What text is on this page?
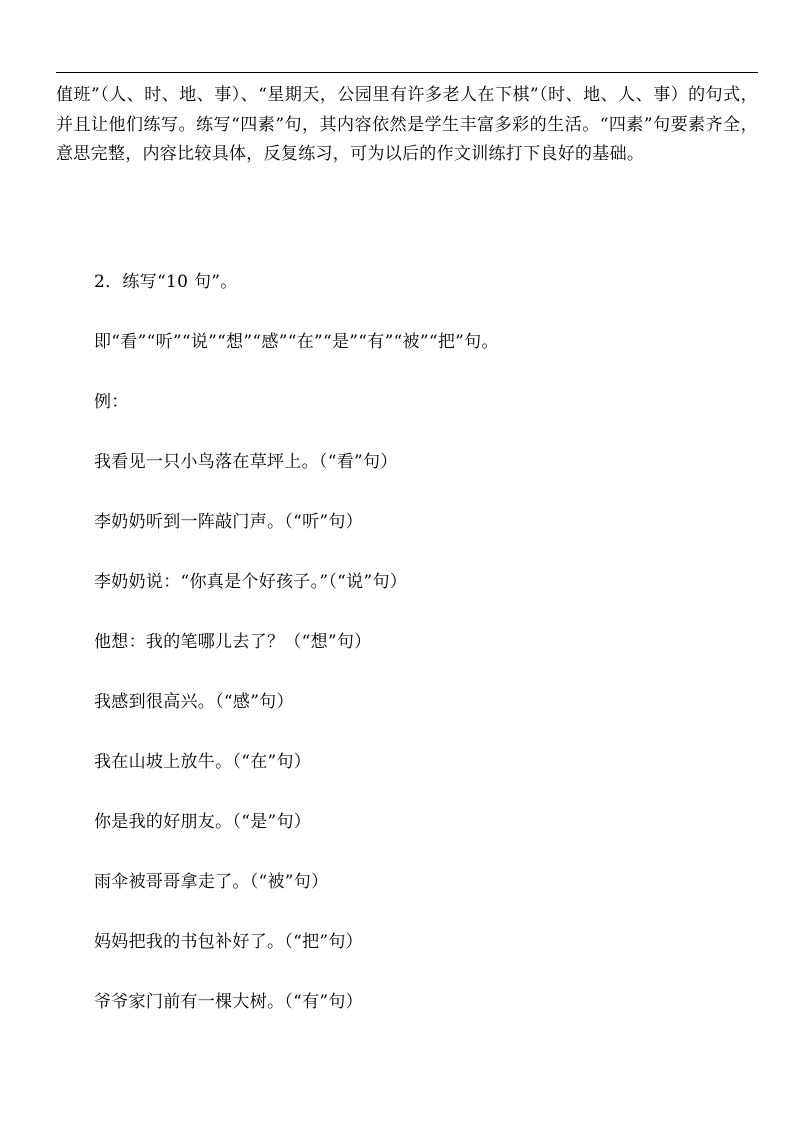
值班”（人、时、地、事）、“星期天，公园里有许多老人在下棋”（时、地、人、事）的句式，并且让他们练写。练写“四素”句，其内容依然是学生丰富多彩的生活。“四素”句要素齐全，意思完整，内容比较具体，反复练习，可为以后的作文训练打下良好的基础。

2．练写“10 句”。

即“看”“听”“说”“想”“感”“在”“是”“有”“被”“把”句。

例：

我看见一只小鸟落在草坪上。（“看”句）

李奶奶听到一阵敲门声。（“听”句）

李奶奶说：“你真是个好孩子。”（“说”句）

他想：我的笔哪儿去了？（“想”句）

我感到很高兴。（“感”句）

我在山坡上放牛。（“在”句）

你是我的好朋友。（“是”句）

雨伞被哥哥拿走了。（“被”句）

妈妈把我的书包补好了。（“把”句）

爷爷家门前有一棵大树。（“有”句）
